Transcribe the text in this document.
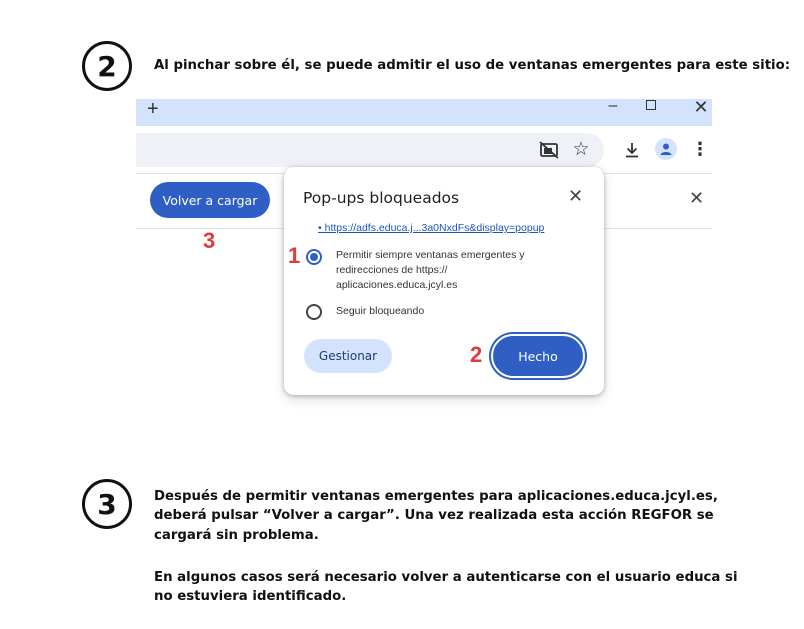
2	Al pinchar sobre él, se puede admitir el uso de ventanas emergentes para este sitio:
+	–	✕
☆	⋮
Volver a cargar	✕
3
Pop-ups bloqueados	✕
• https://adfs.educa.j...3a0NxdFs&display=popup
1	Permitir siempre ventanas emergentes y redirecciones de https:// aplicaciones.educa.jcyl.es
Seguir bloqueando
Gestionar	2	Hecho
3	Después de permitir ventanas emergentes para aplicaciones.educa.jcyl.es, deberá pulsar “Volver a cargar”. Una vez realizada esta acción REGFOR se cargará sin problema.
En algunos casos será necesario volver a autenticarse con el usuario educa si no estuviera identificado.
